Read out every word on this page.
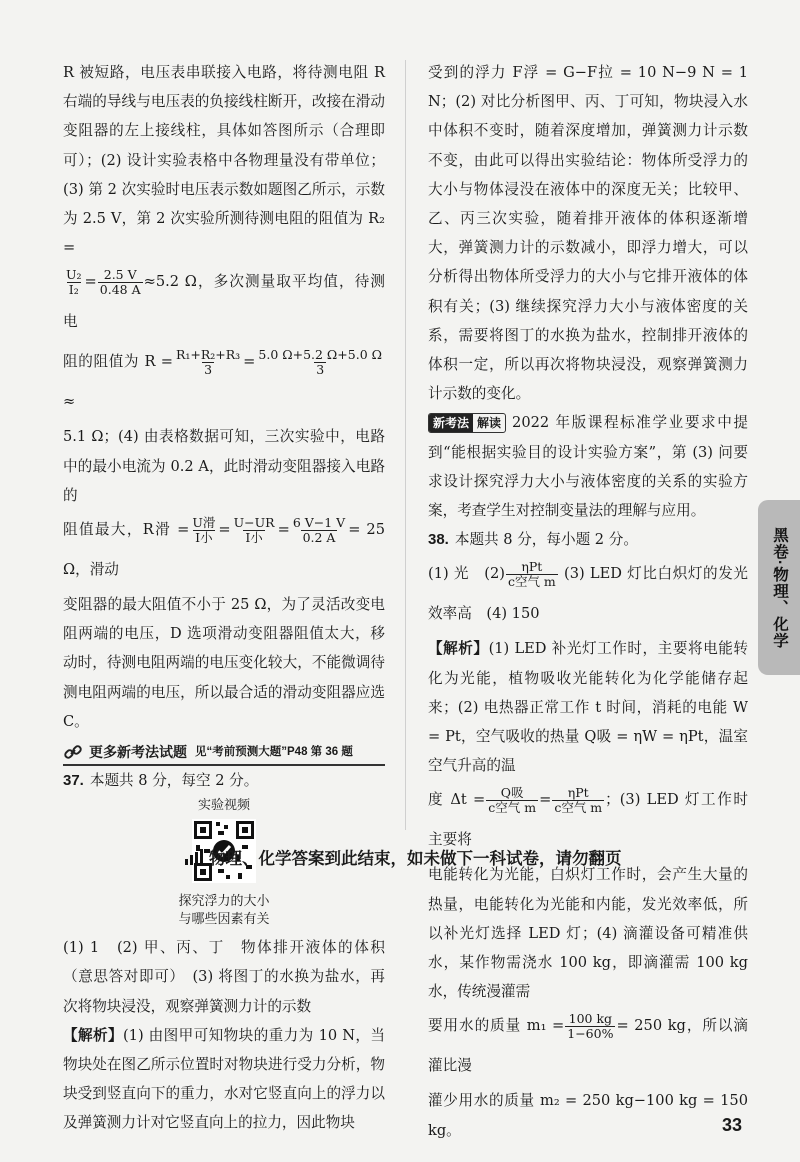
R 被短路，电压表串联接入电路，将待测电阻 R 右端的导线与电压表的负接线柱断开，改接在滑动变阻器的左上接线柱，具体如答图所示（合理即可）；(2) 设计实验表格中各物理量没有带单位；(3) 第 2 次实验时电压表示数如题图乙所示，示数为 2.5 V，第 2 次实验所测待测电阻的阻值为 R₂ =

$\frac{\text{U₂}}{\text{I₂}} = \frac{2.5 V}{0.48 A} \approx 5.2$ Ω，多次测量取平均值，待测电

阻的阻值为 $R = \frac{\text{R₁+R₂+R₃}}{3} = \frac{5.0 \Omega+5.2 \Omega+5.0 \Omega}{3}$
≈

5.1 Ω；(4) 由表格数据可知，三次实验中，电路中的最小电流为 0.2 A，此时滑动变阻器接入电路的

阻值最大，R滑 = $\frac{\text{U滑}}{\text{I小}} = \frac{U-UR}{\text{I小}} = \frac{6 V-1 V}{0.2 A} = 25$ Ω，滑动

变阻器的最大阻值不小于 25 Ω，为了灵活改变电阻两端的电压，D 选项滑动变阻器阻值太大，移动时，待测电阻两端的电压变化较大，不能微调待测电阻两端的电压，所以最合适的滑动变阻器应选 C。

更多新考法试题 见“考前预测大题”P48 第 36 题

37. 本题共 8 分，每空 2 分。

实验视频
探究浮力的大小
与哪些因素有关

(1) 1　(2) 甲、丙、丁　物体排开液体的体积（意思答对即可）　(3) 将图丁的水换为盐水，再次将物块浸没，观察弹簧测力计的示数

【解析】(1) 由图甲可知物块的重力为 10 N，当物块处在图乙所示位置时对物块进行受力分析，物块受到竖直向下的重力，水对它竖直向上的浮力以及弹簧测力计对它竖直向上的拉力，因此物块

受到的浮力 F浮 = G−F拉 = 10 N−9 N = 1 N；(2) 对比分析图甲、丙、丁可知，物块浸入水中体积不变时，随着深度增加，弹簧测力计示数不变，由此可以得出实验结论：物体所受浮力的大小与物体浸没在液体中的深度无关；比较甲、乙、丙三次实验，随着排开液体的体积逐渐增大，弹簧测力计的示数减小，即浮力增大，可以分析得出物体所受浮力的大小与它排开液体的体积有关；(3) 继续探究浮力大小与液体密度的关系，需要将图丁的水换为盐水，控制排开液体的体积一定，所以再次将物块浸没，观察弹簧测力计示数的变化。

新考法 解读 2022 年版课程标准学业要求中提到“能根据实验目的设计实验方案”，第 (3) 问要求设计探究浮力大小与液体密度的关系的实验方案，考查学生对控制变量法的理解与应用。

38. 本题共 8 分，每小题 2 分。

(1) 光　$(2) \frac{\text{ηPt}}{\text{c空气 m}} (3)$ LED 灯比白炽灯的发光效率高　(4) 150

【解析】(1) LED 补光灯工作时，主要将电能转化为光能，植物吸收光能转化为化学能储存起来；(2) 电热器正常工作 t 时间，消耗的电能 W = Pt，空气吸收的热量 Q吸 = ηW = ηPt，温室空气升高的温

度 $\Delta t = \frac{\text{Q吸}}{\text{c空气 m}} = \frac{\text{ηPt}}{\text{c空气 m}}$ ；(3) LED 灯工作时主要将

电能转化为光能，白炽灯工作时，会产生大量的热量，电能转化为光能和内能，发光效率低，所以补光灯选择 LED 灯；(4) 滴灌设备可精准供水，某作物需浇水 100 kg，即滴灌需 100 kg 水，传统漫灌需

要用水的质量 $m_1 = \frac{100 kg}{1-60\%} = 250$ kg，所以滴灌比漫

灌少用水的质量 m₂ = 250 kg−100 kg = 150 kg。

黑卷·物理、化学
物理、化学答案到此结束，如未做下一科试卷，请勿翻页
33
